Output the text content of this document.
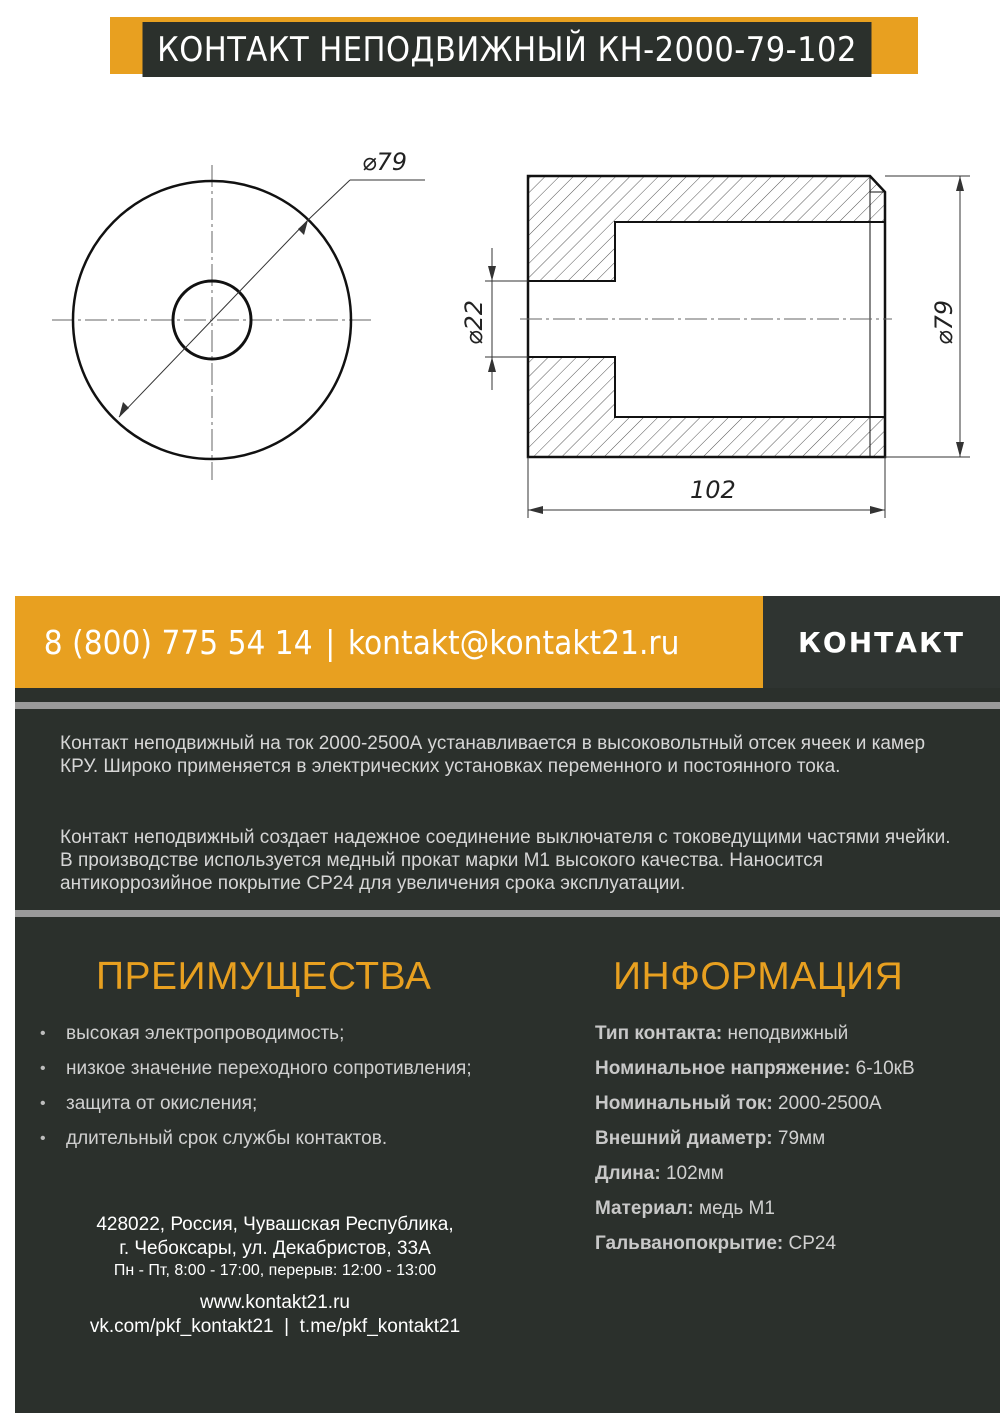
КОНТАКТ НЕПОДВИЖНЫЙ КН-2000-79-102
⌀79
⌀22	⌀79
102
8 (800) 775 54 14 | kontakt@kontakt21.ru	КОНТАКТ
Контакт неподвижный на ток 2000-2500А устанавливается в высоковольтный отсек ячеек и камер КРУ. Широко применяется в электрических установках переменного и постоянного тока.
Контакт неподвижный создает надежное соединение выключателя с токоведущими частями ячейки. В производстве используется медный прокат марки М1 высокого качества. Наносится антикоррозийное покрытие СР24 для увеличения срока эксплуатации.
ПРЕИМУЩЕСТВА	ИНФОРМАЦИЯ
• высокая электропроводимость;
• низкое значение переходного сопротивления;
• защита от окисления;
• длительный срок службы контактов.
Тип контакта: неподвижный
Номинальное напряжение: 6-10кВ
Номинальный ток: 2000-2500А
Внешний диаметр: 79мм
Длина: 102мм
Материал: медь М1
Гальванопокрытие: СР24
428022, Россия, Чувашская Республика,
г. Чебоксары, ул. Декабристов, 33А
Пн - Пт, 8:00 - 17:00, перерыв: 12:00 - 13:00
www.kontakt21.ru
vk.com/pkf_kontakt21  |  t.me/pkf_kontakt21
